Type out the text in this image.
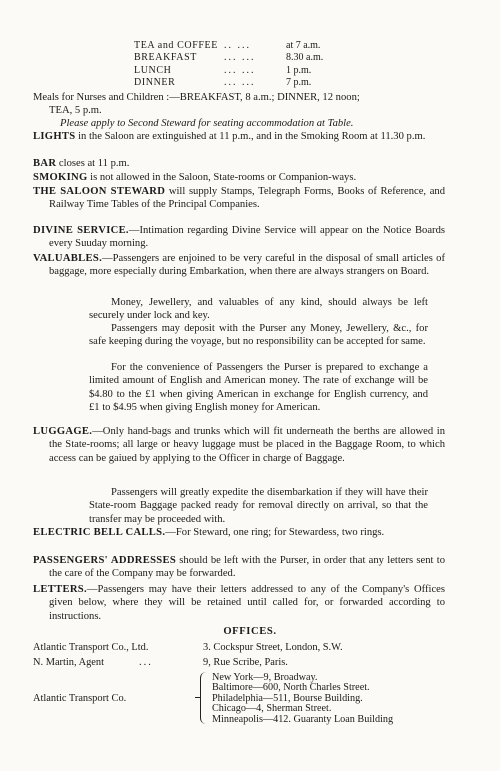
TEA and COFFEE .. ...	at 7 a.m.
BREAKFAST	... ...	8.30 a.m.
LUNCH	... ...	1 p.m.
DINNER	... ...	7 p.m.
Meals for Nurses and Children :—BREAKFAST, 8 a.m.; DINNER, 12 noon;
TEA, 5 p.m.
Please apply to Second Steward for seating accommodation at Table.
LIGHTS in the Saloon are extinguished at 11 p.m., and in the Smoking Room at 11.30 p.m.
BAR closes at 11 p.m.
SMOKING is not allowed in the Saloon, State-rooms or Companion-ways.
THE SALOON STEWARD will supply Stamps, Telegraph Forms, Books of Reference, and Railway Time Tables of the Principal Companies.
DIVINE SERVICE.—Intimation regarding Divine Service will appear on the Notice Boards every Suuday morning.
VALUABLES.—Passengers are enjoined to be very careful in the disposal of small articles of baggage, more especially during Embarkation, when there are always strangers on Board.
Money, Jewellery, and valuables of any kind, should always be left securely under lock and key.
Passengers may deposit with the Purser any Money, Jewellery, &c., for safe keeping during the voyage, but no responsibility can be accepted for same.
For the convenience of Passengers the Purser is prepared to exchange a limited amount of English and American money. The rate of exchange will be $4.80 to the £1 when giving American in exchange for English currency, and £1 to $4.95 when giving English money for American.
LUGGAGE.—Only hand-bags and trunks which will fit underneath the berths are allowed in the State-rooms; all large or heavy luggage must be placed in the Baggage Room, to which access can be gaiued by applying to the Officer in charge of Baggage.
Passengers will greatly expedite the disembarkation if they will have their State-room Baggage packed ready for removal directly on arrival, so that the transfer may be proceeded with.
ELECTRIC BELL CALLS.—For Steward, one ring; for Stewardess, two rings.
PASSENGERS' ADDRESSES should be left with the Purser, in order that any letters sent to the care of the Company may be forwarded.
LETTERS.—Passengers may have their letters addressed to any of the Company's Offices given below, where they will be retained until called for, or forwarded according to instructions.
OFFICES.
Atlantic Transport Co., Ltd.	3. Cockspur Street, London, S.W.
N. Martin, Agent	...	9, Rue Scribe, Paris.
Atlantic Transport Co.
New York—9, Broadway.
Baltimore—600, North Charles Street.
Philadelphia—511, Bourse Building.
Chicago—4, Sherman Street.
Minneapolis—412. Guaranty Loan Building
